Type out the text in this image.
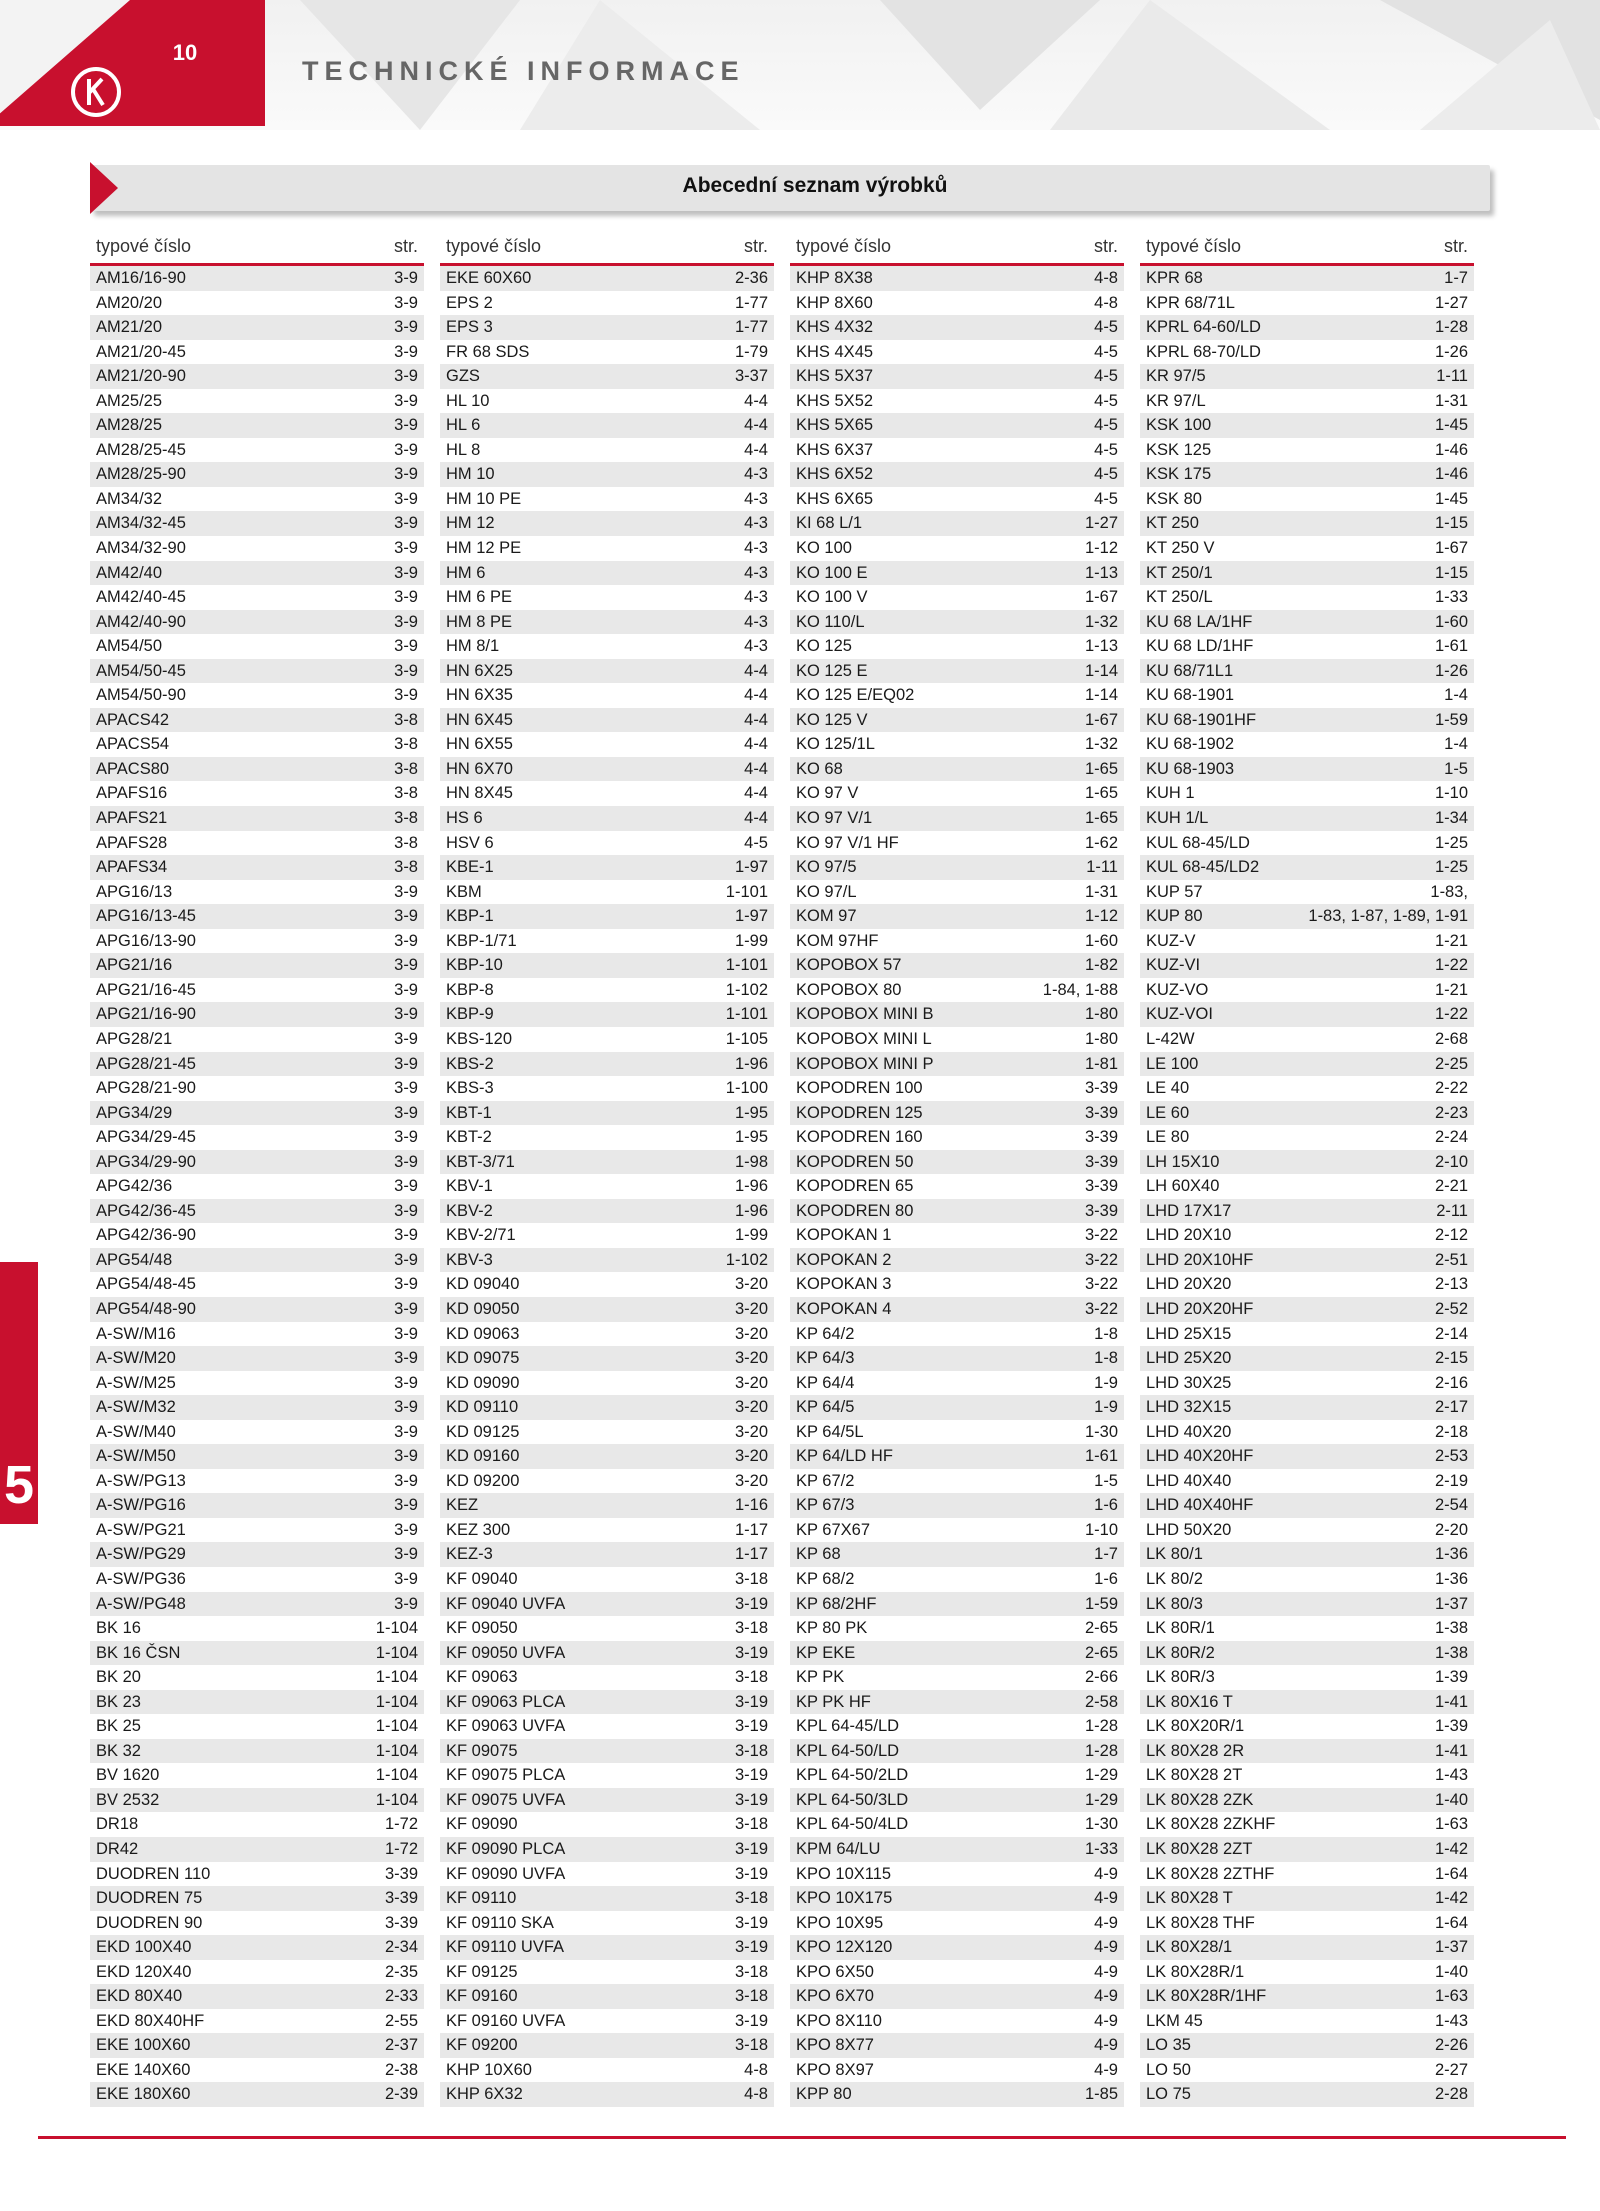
10
TECHNICKÉ INFORMACE
Abecední seznam výrobků
typové číslo	str.
AM16/16-90	3-9
AM20/20	3-9
AM21/20	3-9
AM21/20-45	3-9
AM21/20-90	3-9
AM25/25	3-9
AM28/25	3-9
AM28/25-45	3-9
AM28/25-90	3-9
AM34/32	3-9
AM34/32-45	3-9
AM34/32-90	3-9
AM42/40	3-9
AM42/40-45	3-9
AM42/40-90	3-9
AM54/50	3-9
AM54/50-45	3-9
AM54/50-90	3-9
APACS42	3-8
APACS54	3-8
APACS80	3-8
APAFS16	3-8
APAFS21	3-8
APAFS28	3-8
APAFS34	3-8
APG16/13	3-9
APG16/13-45	3-9
APG16/13-90	3-9
APG21/16	3-9
APG21/16-45	3-9
APG21/16-90	3-9
APG28/21	3-9
APG28/21-45	3-9
APG28/21-90	3-9
APG34/29	3-9
APG34/29-45	3-9
APG34/29-90	3-9
APG42/36	3-9
APG42/36-45	3-9
APG42/36-90	3-9
APG54/48	3-9
APG54/48-45	3-9
APG54/48-90	3-9
A-SW/M16	3-9
A-SW/M20	3-9
A-SW/M25	3-9
A-SW/M32	3-9
A-SW/M40	3-9
A-SW/M50	3-9
A-SW/PG13	3-9
A-SW/PG16	3-9
A-SW/PG21	3-9
A-SW/PG29	3-9
A-SW/PG36	3-9
A-SW/PG48	3-9
BK 16	1-104
BK 16 ČSN	1-104
BK 20	1-104
BK 23	1-104
BK 25	1-104
BK 32	1-104
BV 1620	1-104
BV 2532	1-104
DR18	1-72
DR42	1-72
DUODREN 110	3-39
DUODREN 75	3-39
DUODREN 90	3-39
EKD 100X40	2-34
EKD 120X40	2-35
EKD 80X40	2-33
EKD 80X40HF	2-55
EKE 100X60	2-37
EKE 140X60	2-38
EKE 180X60	2-39
typové číslo	str.
EKE 60X60	2-36
EPS 2	1-77
EPS 3	1-77
FR 68 SDS	1-79
GZS	3-37
HL 10	4-4
HL 6	4-4
HL 8	4-4
HM 10	4-3
HM 10 PE	4-3
HM 12	4-3
HM 12 PE	4-3
HM 6	4-3
HM 6 PE	4-3
HM 8 PE	4-3
HM 8/1	4-3
HN 6X25	4-4
HN 6X35	4-4
HN 6X45	4-4
HN 6X55	4-4
HN 6X70	4-4
HN 8X45	4-4
HS 6	4-4
HSV 6	4-5
KBE-1	1-97
KBM	1-101
KBP-1	1-97
KBP-1/71	1-99
KBP-10	1-101
KBP-8	1-102
KBP-9	1-101
KBS-120	1-105
KBS-2	1-96
KBS-3	1-100
KBT-1	1-95
KBT-2	1-95
KBT-3/71	1-98
KBV-1	1-96
KBV-2	1-96
KBV-2/71	1-99
KBV-3	1-102
KD 09040	3-20
KD 09050	3-20
KD 09063	3-20
KD 09075	3-20
KD 09090	3-20
KD 09110	3-20
KD 09125	3-20
KD 09160	3-20
KD 09200	3-20
KEZ	1-16
KEZ 300	1-17
KEZ-3	1-17
KF 09040	3-18
KF 09040 UVFA	3-19
KF 09050	3-18
KF 09050 UVFA	3-19
KF 09063	3-18
KF 09063 PLCA	3-19
KF 09063 UVFA	3-19
KF 09075	3-18
KF 09075 PLCA	3-19
KF 09075 UVFA	3-19
KF 09090	3-18
KF 09090 PLCA	3-19
KF 09090 UVFA	3-19
KF 09110	3-18
KF 09110 SKA	3-19
KF 09110 UVFA	3-19
KF 09125	3-18
KF 09160	3-18
KF 09160 UVFA	3-19
KF 09200	3-18
KHP 10X60	4-8
KHP 6X32	4-8
typové číslo	str.
KHP 8X38	4-8
KHP 8X60	4-8
KHS 4X32	4-5
KHS 4X45	4-5
KHS 5X37	4-5
KHS 5X52	4-5
KHS 5X65	4-5
KHS 6X37	4-5
KHS 6X52	4-5
KHS 6X65	4-5
KI 68 L/1	1-27
KO 100	1-12
KO 100 E	1-13
KO 100 V	1-67
KO 110/L	1-32
KO 125	1-13
KO 125 E	1-14
KO 125 E/EQ02	1-14
KO 125 V	1-67
KO 125/1L	1-32
KO 68	1-65
KO 97 V	1-65
KO 97 V/1	1-65
KO 97 V/1 HF	1-62
KO 97/5	1-11
KO 97/L	1-31
KOM 97	1-12
KOM 97HF	1-60
KOPOBOX 57	1-82
KOPOBOX 80	1-84, 1-88
KOPOBOX MINI B	1-80
KOPOBOX MINI L	1-80
KOPOBOX MINI P	1-81
KOPODREN 100	3-39
KOPODREN 125	3-39
KOPODREN 160	3-39
KOPODREN 50	3-39
KOPODREN 65	3-39
KOPODREN 80	3-39
KOPOKAN 1	3-22
KOPOKAN 2	3-22
KOPOKAN 3	3-22
KOPOKAN 4	3-22
KP 64/2	1-8
KP 64/3	1-8
KP 64/4	1-9
KP 64/5	1-9
KP 64/5L	1-30
KP 64/LD HF	1-61
KP 67/2	1-5
KP 67/3	1-6
KP 67X67	1-10
KP 68	1-7
KP 68/2	1-6
KP 68/2HF	1-59
KP 80 PK	2-65
KP EKE	2-65
KP PK	2-66
KP PK HF	2-58
KPL 64-45/LD	1-28
KPL 64-50/LD	1-28
KPL 64-50/2LD	1-29
KPL 64-50/3LD	1-29
KPL 64-50/4LD	1-30
KPM 64/LU	1-33
KPO 10X115	4-9
KPO 10X175	4-9
KPO 10X95	4-9
KPO 12X120	4-9
KPO 6X50	4-9
KPO 6X70	4-9
KPO 8X110	4-9
KPO 8X77	4-9
KPO 8X97	4-9
KPP 80	1-85
typové číslo	str.
KPR 68	1-7
KPR 68/71L	1-27
KPRL 64-60/LD	1-28
KPRL 68-70/LD	1-26
KR 97/5	1-11
KR 97/L	1-31
KSK 100	1-45
KSK 125	1-46
KSK 175	1-46
KSK 80	1-45
KT 250	1-15
KT 250 V	1-67
KT 250/1	1-15
KT 250/L	1-33
KU 68 LA/1HF	1-60
KU 68 LD/1HF	1-61
KU 68/71L1	1-26
KU 68-1901	1-4
KU 68-1901HF	1-59
KU 68-1902	1-4
KU 68-1903	1-5
KUH 1	1-10
KUH 1/L	1-34
KUL 68-45/LD	1-25
KUL 68-45/LD2	1-25
KUP 57	1-83,
KUP 80	1-83, 1-87, 1-89, 1-91
KUZ-V	1-21
KUZ-VI	1-22
KUZ-VO	1-21
KUZ-VOI	1-22
L-42W	2-68
LE 100	2-25
LE 40	2-22
LE 60	2-23
LE 80	2-24
LH 15X10	2-10
LH 60X40	2-21
LHD 17X17	2-11
LHD 20X10	2-12
LHD 20X10HF	2-51
LHD 20X20	2-13
LHD 20X20HF	2-52
LHD 25X15	2-14
LHD 25X20	2-15
LHD 30X25	2-16
LHD 32X15	2-17
LHD 40X20	2-18
LHD 40X20HF	2-53
LHD 40X40	2-19
LHD 40X40HF	2-54
LHD 50X20	2-20
LK 80/1	1-36
LK 80/2	1-36
LK 80/3	1-37
LK 80R/1	1-38
LK 80R/2	1-38
LK 80R/3	1-39
LK 80X16 T	1-41
LK 80X20R/1	1-39
LK 80X28 2R	1-41
LK 80X28 2T	1-43
LK 80X28 2ZK	1-40
LK 80X28 2ZKHF	1-63
LK 80X28 2ZT	1-42
LK 80X28 2ZTHF	1-64
LK 80X28 T	1-42
LK 80X28 THF	1-64
LK 80X28/1	1-37
LK 80X28R/1	1-40
LK 80X28R/1HF	1-63
LKM 45	1-43
LO 35	2-26
LO 50	2-27
LO 75	2-28
5
